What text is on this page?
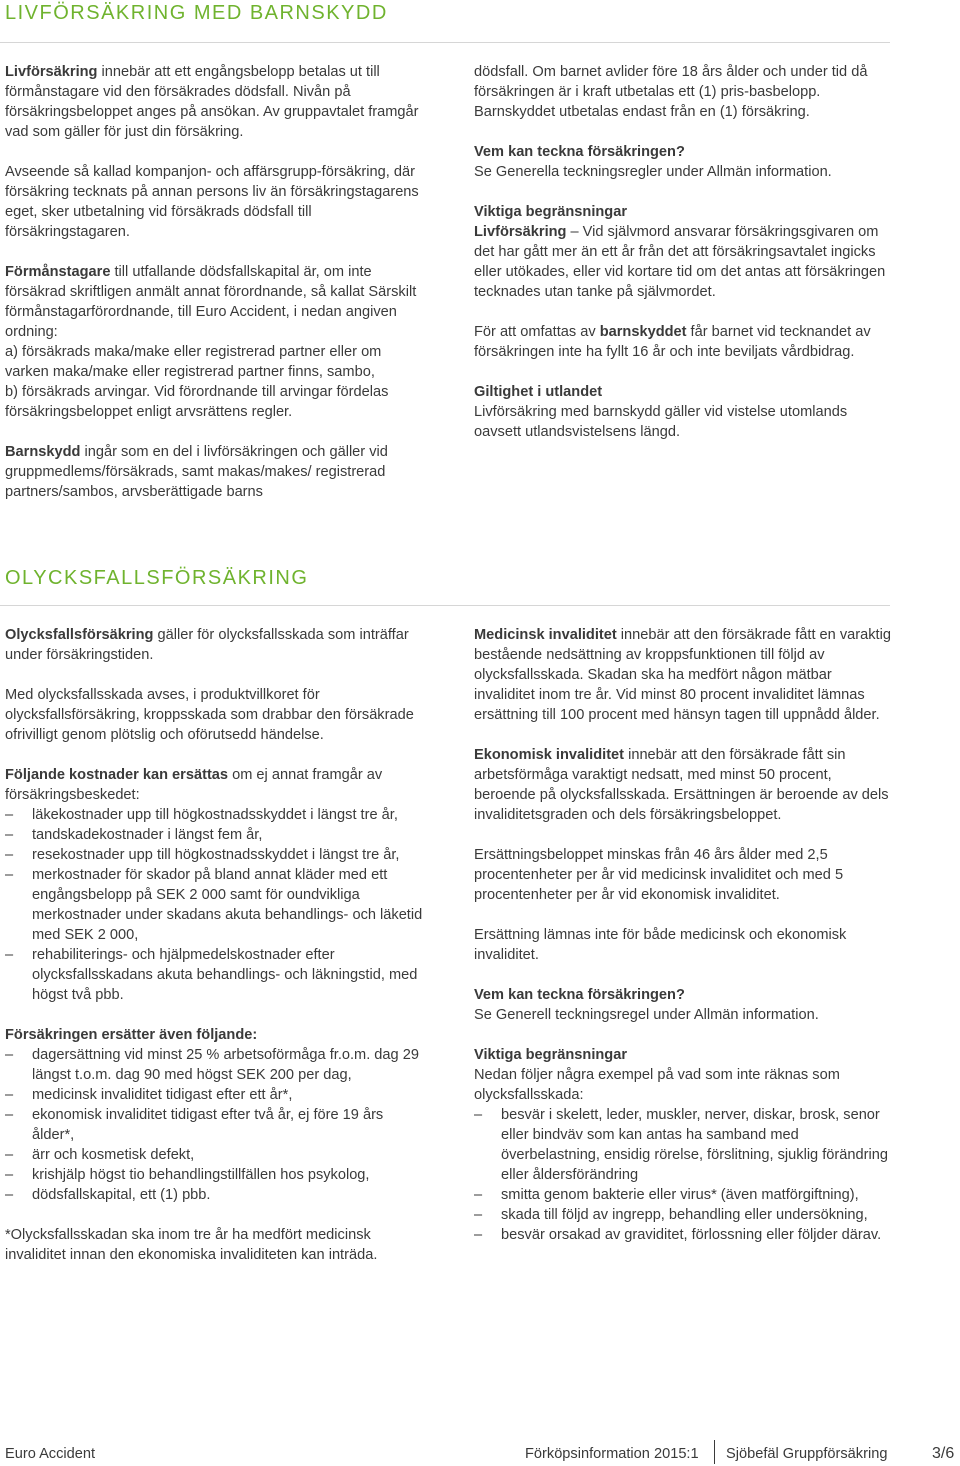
LIVFÖRSÄKRING MED BARNSKYDD

Livförsäkring innebär att ett engångsbelopp betalas ut till förmånstagare vid den försäkrades dödsfall. Nivån på försäkringsbeloppet anges på ansökan. Av gruppavtalet framgår vad som gäller för just din försäkring.

Avseende så kallad kompanjon- och affärsgrupp-försäkring, där försäkring tecknats på annan persons liv än försäkringstagarens eget, sker utbetalning vid försäkrads dödsfall till försäkringstagaren.

Förmånstagare till utfallande dödsfallskapital är, om inte försäkrad skriftligen anmält annat förordnande, så kallat Särskilt förmånstagarförordnande, till Euro Accident, i nedan angiven ordning:
a) försäkrads maka/make eller registrerad partner eller om varken maka/make eller registrerad partner finns, sambo,
b) försäkrads arvingar. Vid förordnande till arvingar fördelas försäkringsbeloppet enligt arvsrättens regler.

Barnskydd ingår som en del i livförsäkringen och gäller vid gruppmedlems/försäkrads, samt makas/makes/ registrerad partners/sambos, arvsberättigade barns

dödsfall. Om barnet avlider före 18 års ålder och under tid då försäkringen är i kraft utbetalas ett (1) pris-basbelopp. Barnskyddet utbetalas endast från en (1) försäkring.

Vem kan teckna försäkringen?
Se Generella teckningsregler under Allmän information.

Viktiga begränsningar
Livförsäkring – Vid självmord ansvarar försäkringsgivaren om det har gått mer än ett år från det att försäkringsavtalet ingicks eller utökades, eller vid kortare tid om det antas att försäkringen tecknades utan tanke på självmordet.

För att omfattas av barnskyddet får barnet vid tecknandet av försäkringen inte ha fyllt 16 år och inte beviljats vårdbidrag.

Giltighet i utlandet
Livförsäkring med barnskydd gäller vid vistelse utomlands oavsett utlandsvistelsens längd.

OLYCKSFALLSFÖRSÄKRING

Olycksfallsförsäkring gäller för olycksfallsskada som inträffar under försäkringstiden.

Med olycksfallsskada avses, i produktvillkoret för olycksfallsförsäkring, kroppsskada som drabbar den försäkrade ofrivilligt genom plötslig och oförutsedd händelse.

Följande kostnader kan ersättas om ej annat framgår av försäkringsbeskedet:
– läkekostnader upp till högkostnadsskyddet i längst tre år,
– tandskadekostnader i längst fem år,
– resekostnader upp till högkostnadsskyddet i längst tre år,
– merkostnader för skador på bland annat kläder med ett engångsbelopp på SEK 2 000 samt för oundvikliga merkostnader under skadans akuta behandlings- och läketid med SEK 2 000,
– rehabiliterings- och hjälpmedelskostnader efter olycksfallsskadans akuta behandlings- och läkningstid, med högst två pbb.
Försäkringen ersätter även följande:
– dagersättning vid minst 25 % arbetsoförmåga fr.o.m. dag 29 längst t.o.m. dag 90 med högst SEK 200 per dag,
– medicinsk invaliditet tidigast efter ett år*,
– ekonomisk invaliditet tidigast efter två år, ej före 19 års ålder*,
– ärr och kosmetisk defekt,
– krishjälp högst tio behandlingstillfällen hos psykolog,
– dödsfallskapital, ett (1) pbb.

*Olycksfallsskadan ska inom tre år ha medfört medicinsk invaliditet innan den ekonomiska invaliditeten kan inträda.

Medicinsk invaliditet innebär att den försäkrade fått en varaktig bestående nedsättning av kroppsfunktionen till följd av olycksfallsskada. Skadan ska ha medfört någon mätbar invaliditet inom tre år. Vid minst 80 procent invaliditet lämnas ersättning till 100 procent med hänsyn tagen till uppnådd ålder.

Ekonomisk invaliditet innebär att den försäkrade fått sin arbetsförmåga varaktigt nedsatt, med minst 50 procent, beroende på olycksfallsskada. Ersättningen är beroende av dels invaliditetsgraden och dels försäkringsbeloppet.

Ersättningsbeloppet minskas från 46 års ålder med 2,5 procentenheter per år vid medicinsk invaliditet och med 5 procentenheter per år vid ekonomisk invaliditet.

Ersättning lämnas inte för både medicinsk och ekonomisk invaliditet.

Vem kan teckna försäkringen?
Se Generell teckningsregel under Allmän information.

Viktiga begränsningar
Nedan följer några exempel på vad som inte räknas som olycksfallsskada:
– besvär i skelett, leder, muskler, nerver, diskar, brosk, senor eller bindväv som kan antas ha samband med överbelastning, ensidig rörelse, förslitning, sjuklig förändring eller åldersförändring
– smitta genom bakterie eller virus* (även matförgiftning),
– skada till följd av ingrepp, behandling eller undersökning,
– besvär orsakad av graviditet, förlossning eller följder därav.
Euro Accident	Förköpsinformation 2015:1 Sjöbefäl Gruppförsäkring	3/6
